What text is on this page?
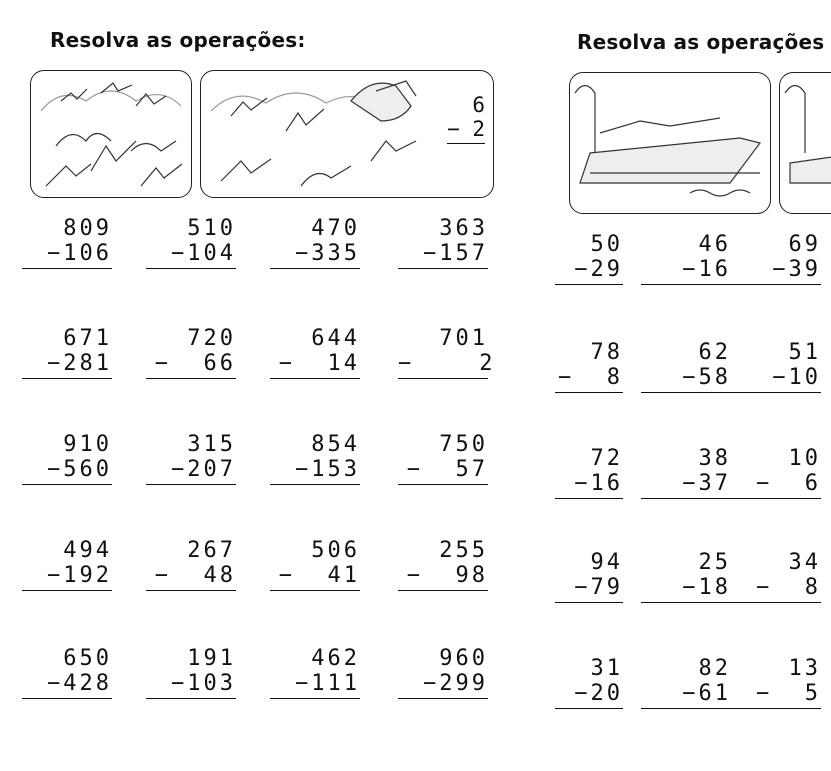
Resolva as operações:
6
− 2
809
−106
510
−104
470
−335
363
−157
671
−281
720
−  66
644
−  14
701
−    2
910
−560
315
−207
854
−153
750
−  57
494
−192
267
−  48
506
−  41
255
−  98
650
−428
191
−103
462
−111
960
−299
Resolva as operações
50
−29
46
−16
69
−39
78
−  8
62
−58
51
−10
72
−16
38
−37
10
−  6
94
−79
25
−18
34
−  8
31
−20
82
−61
13
−  5
